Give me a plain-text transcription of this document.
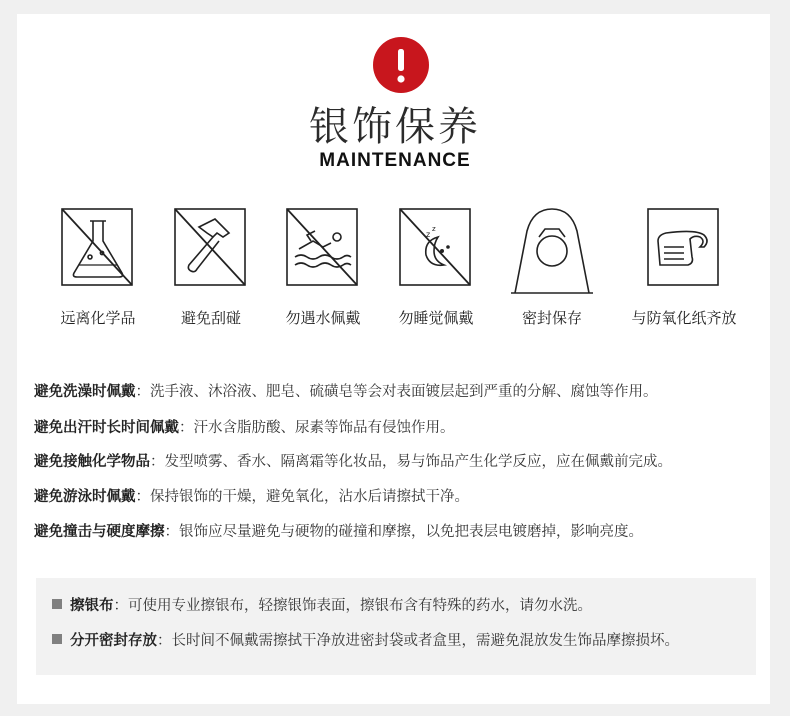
银饰保养
MAINTENANCE
远离化学品	避免刮碰	勿遇水佩戴
z
z
勿睡觉佩戴	密封保存	与防氧化纸齐放
避免洗澡时佩戴：洗手液、沐浴液、肥皂、硫磺皂等会对表面镀层起到严重的分解、腐蚀等作用。
避免出汗时长时间佩戴：汗水含脂肪酸、尿素等饰品有侵蚀作用。
避免接触化学物品：发型喷雾、香水、隔离霜等化妆品，易与饰品产生化学反应，应在佩戴前完成。
避免游泳时佩戴：保持银饰的干燥，避免氧化，沾水后请擦拭干净。
避免撞击与硬度摩擦：银饰应尽量避免与硬物的碰撞和摩擦，以免把表层电镀磨掉，影响亮度。
擦银布：可使用专业擦银布，轻擦银饰表面，擦银布含有特殊的药水，请勿水洗。
分开密封存放：长时间不佩戴需擦拭干净放进密封袋或者盒里，需避免混放发生饰品摩擦损坏。
